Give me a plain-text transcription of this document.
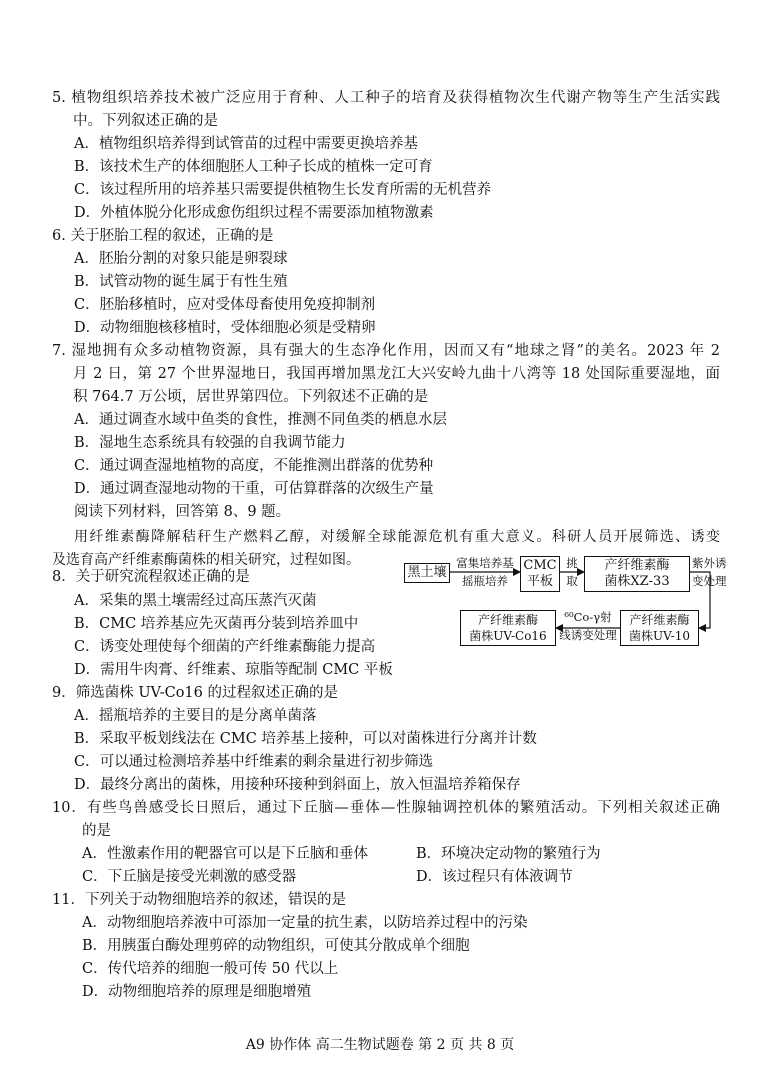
5. 植物组织培养技术被广泛应用于育种、人工种子的培育及获得植物次生代谢产物等生产生活实践
中。下列叙述正确的是
A．植物组织培养得到试管苗的过程中需要更换培养基
B．该技术生产的体细胞胚人工种子长成的植株一定可育
C．该过程所用的培养基只需要提供植物生长发育所需的无机营养
D．外植体脱分化形成愈伤组织过程不需要添加植物激素
6. 关于胚胎工程的叙述，正确的是
A．胚胎分割的对象只能是卵裂球
B．试管动物的诞生属于有性生殖
C．胚胎移植时，应对受体母畜使用免疫抑制剂
D．动物细胞核移植时，受体细胞必须是受精卵
7. 湿地拥有众多动植物资源，具有强大的生态净化作用，因而又有“地球之肾”的美名。2023 年 2
月 2 日，第 27 个世界湿地日，我国再增加黑龙江大兴安岭九曲十八湾等 18 处国际重要湿地，面
积 764.7 万公顷，居世界第四位。下列叙述不正确的是
A．通过调查水域中鱼类的食性，推测不同鱼类的栖息水层
B．湿地生态系统具有较强的自我调节能力
C．通过调查湿地植物的高度，不能推测出群落的优势种
D．通过调查湿地动物的干重，可估算群落的次级生产量
阅读下列材料，回答第 8、9 题。
用纤维素酶降解秸秆生产燃料乙醇，对缓解全球能源危机有重大意义。科研人员开展筛选、诱变
及选育高产纤维素酶菌株的相关研究，过程如图。
黑土壤
富集培养基
摇瓶培养
CMC
平板
挑
取
产纤维素酶
菌株XZ-33
紫外诱
变处理
产纤维素酶
菌株UV-10
⁶⁰Co-γ射
线诱变处理
产纤维素酶
菌株UV-Co16
8．关于研究流程叙述正确的是
A．采集的黑土壤需经过高压蒸汽灭菌
B．CMC 培养基应先灭菌再分装到培养皿中
C．诱变处理使每个细菌的产纤维素酶能力提高
D．需用牛肉膏、纤维素、琼脂等配制 CMC 平板
9．筛选菌株 UV-Co16 的过程叙述正确的是
A．摇瓶培养的主要目的是分离单菌落
B．采取平板划线法在 CMC 培养基上接种，可以对菌株进行分离并计数
C．可以通过检测培养基中纤维素的剩余量进行初步筛选
D．最终分离出的菌株，用接种环接种到斜面上，放入恒温培养箱保存
10．有些鸟兽感受长日照后，通过下丘脑—垂体—性腺轴调控机体的繁殖活动。下列相关叙述正确
的是
A．性激素作用的靶器官可以是下丘脑和垂体	B．环境决定动物的繁殖行为
C．下丘脑是接受光刺激的感受器	D．该过程只有体液调节
11．下列关于动物细胞培养的叙述，错误的是
A．动物细胞培养液中可添加一定量的抗生素，以防培养过程中的污染
B．用胰蛋白酶处理剪碎的动物组织，可使其分散成单个细胞
C．传代培养的细胞一般可传 50 代以上
D．动物细胞培养的原理是细胞增殖
A9 协作体 高二生物试题卷 第 2 页 共 8 页
